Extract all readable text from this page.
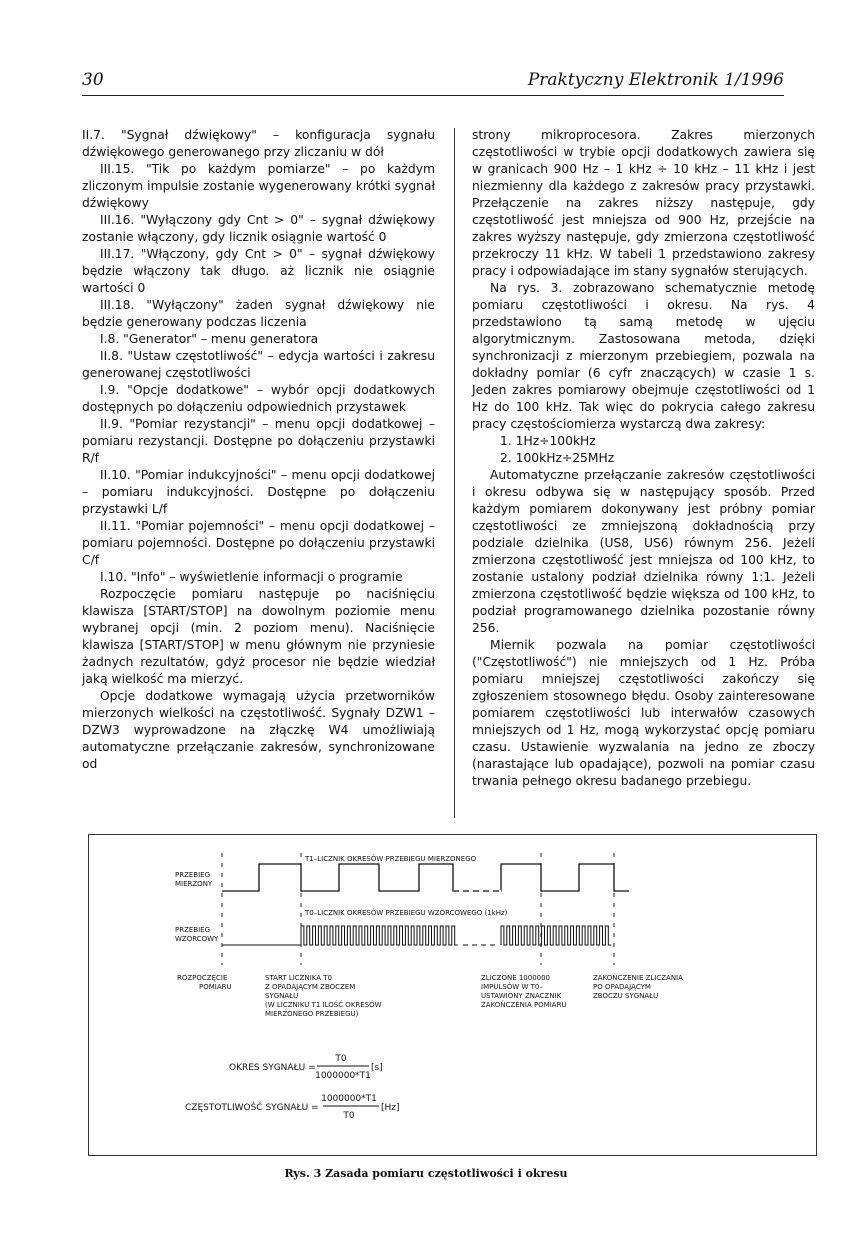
30	Praktyczny Elektronik 1/1996

II.7. "Sygnał dźwiękowy" – konfiguracja sygnału dźwiękowego generowanego przy zliczaniu w dół

III.15. "Tik po każdym pomiarze" – po każdym zliczonym impulsie zostanie wygenerowany krótki sygnał dźwiękowy

III.16. "Wyłączony gdy Cnt > 0" – sygnał dźwiękowy zostanie włączony, gdy licznik osiągnie wartość 0

III.17. "Włączony, gdy Cnt > 0" – sygnał dźwiękowy będzie włączony tak długo. aż licznik nie osiągnie wartości 0

III.18. "Wyłączony" żaden sygnał dźwiękowy nie będzie generowany podczas liczenia

I.8. "Generator" – menu generatora

II.8. "Ustaw częstotliwość" – edycja wartości i zakresu generowanej częstotliwości

I.9. "Opcje dodatkowe" – wybór opcji dodatkowych dostępnych po dołączeniu odpowiednich przystawek

II.9. "Pomiar rezystancji" – menu opcji dodatkowej – pomiaru rezystancji. Dostępne po dołączeniu przystawki R/f

II.10. "Pomiar indukcyjności" – menu opcji dodatkowej – pomiaru indukcyjności. Dostępne po dołączeniu przystawki L/f

II.11. "Pomiar pojemności" – menu opcji dodatkowej – pomiaru pojemności. Dostępne po dołączeniu przystawki C/f

I.10. "Info" – wyświetlenie informacji o programie

Rozpoczęcie pomiaru następuje po naciśnięciu klawisza [START/STOP] na dowolnym poziomie menu wybranej opcji (min. 2 poziom menu). Naciśnięcie klawisza [START/STOP] w menu głównym nie przyniesie żadnych rezultatów, gdyż procesor nie będzie wiedział jaką wielkość ma mierzyć.

Opcje dodatkowe wymagają użycia przetworników mierzonych wielkości na częstotliwość. Sygnały DZW1 – DZW3 wyprowadzone na złączkę W4 umożliwiają automatyczne przełączanie zakresów, synchronizowane od

strony mikroprocesora. Zakres mierzonych częstotliwości w trybie opcji dodatkowych zawiera się w granicach 900 Hz – 1 kHz ÷ 10 kHz – 11 kHz i jest niezmienny dla każdego z zakresów pracy przystawki. Przełączenie na zakres niższy następuje, gdy częstotliwość jest mniejsza od 900 Hz, przejście na zakres wyższy następuje, gdy zmierzona częstotliwość przekroczy 11 kHz. W tabeli 1 przedstawiono zakresy pracy i odpowiadające im stany sygnałów sterujących.

Na rys. 3. zobrazowano schematycznie metodę pomiaru częstotliwości i okresu. Na rys. 4 przedstawiono tą samą metodę w ujęciu algorytmicznym. Zastosowana metoda, dzięki synchronizacji z mierzonym przebiegiem, pozwala na dokładny pomiar (6 cyfr znaczących) w czasie 1 s. Jeden zakres pomiarowy obejmuje częstotliwości od 1 Hz do 100 kHz. Tak więc do pokrycia całego zakresu pracy częstościomierza wystarczą dwa zakresy:

1. 1Hz÷100kHz

2. 100kHz÷25MHz

Automatyczne przełączanie zakresów częstotliwości i okresu odbywa się w następujący sposób. Przed każdym pomiarem dokonywany jest próbny pomiar częstotliwości ze zmniejszoną dokładnością przy podziale dzielnika (US8, US6) równym 256. Jeżeli zmierzona częstotliwość jest mniejsza od 100 kHz, to zostanie ustalony podział dzielnika równy 1:1. Jeżeli zmierzona częstotliwość będzie większa od 100 kHz, to podział programowanego dzielnika pozostanie równy 256.

Miernik pozwala na pomiar częstotliwości ("Częstotliwość") nie mniejszych od 1 Hz. Próba pomiaru mniejszej częstotliwości zakończy się zgłoszeniem stosownego błędu. Osoby zainteresowane pomiarem częstotliwości lub interwałów czasowych mniejszych od 1 Hz, mogą wykorzystać opcję pomiaru czasu. Ustawienie wyzwalania na jedno ze zboczy (narastające lub opadające), pozwoli na pomiar czasu trwania pełnego okresu badanego przebiegu.

T1–LICZNIK OKRESÓW PRZEBIEGU MIERZONEGO
T0–LICZNIK OKRESÓW PRZEBIEGU WZORCOWEGO (1kHz)
PRZEBIEG
MIERZONY
PRZEBIEG
WZORCOWY
ROZPOCZĘCIE
POMIARU
START LICZNIKA T0
Z OPADAJĄCYM ZBOCZEM
SYGNAŁU
(W LICZNIKU T1 ILOŚĆ OKRESÓW
MIERZONEGO PRZEBIEGU)
ZLICZONE 1000000
IMPULSÓW W T0–
USTAWIONY ZNACZNIK
ZAKOŃCZENIA POMIARU
ZAKOŃCZENIE ZLICZANIA
PO OPADAJĄCYM
ZBOCZU SYGNAŁU
OKRES SYGNAŁU =
T0
1000000*T1
[s]
CZĘSTOTLIWOŚĆ SYGNAŁU =
1000000*T1
T0
[Hz]
Rys. 3 Zasada pomiaru częstotliwości i okresu
